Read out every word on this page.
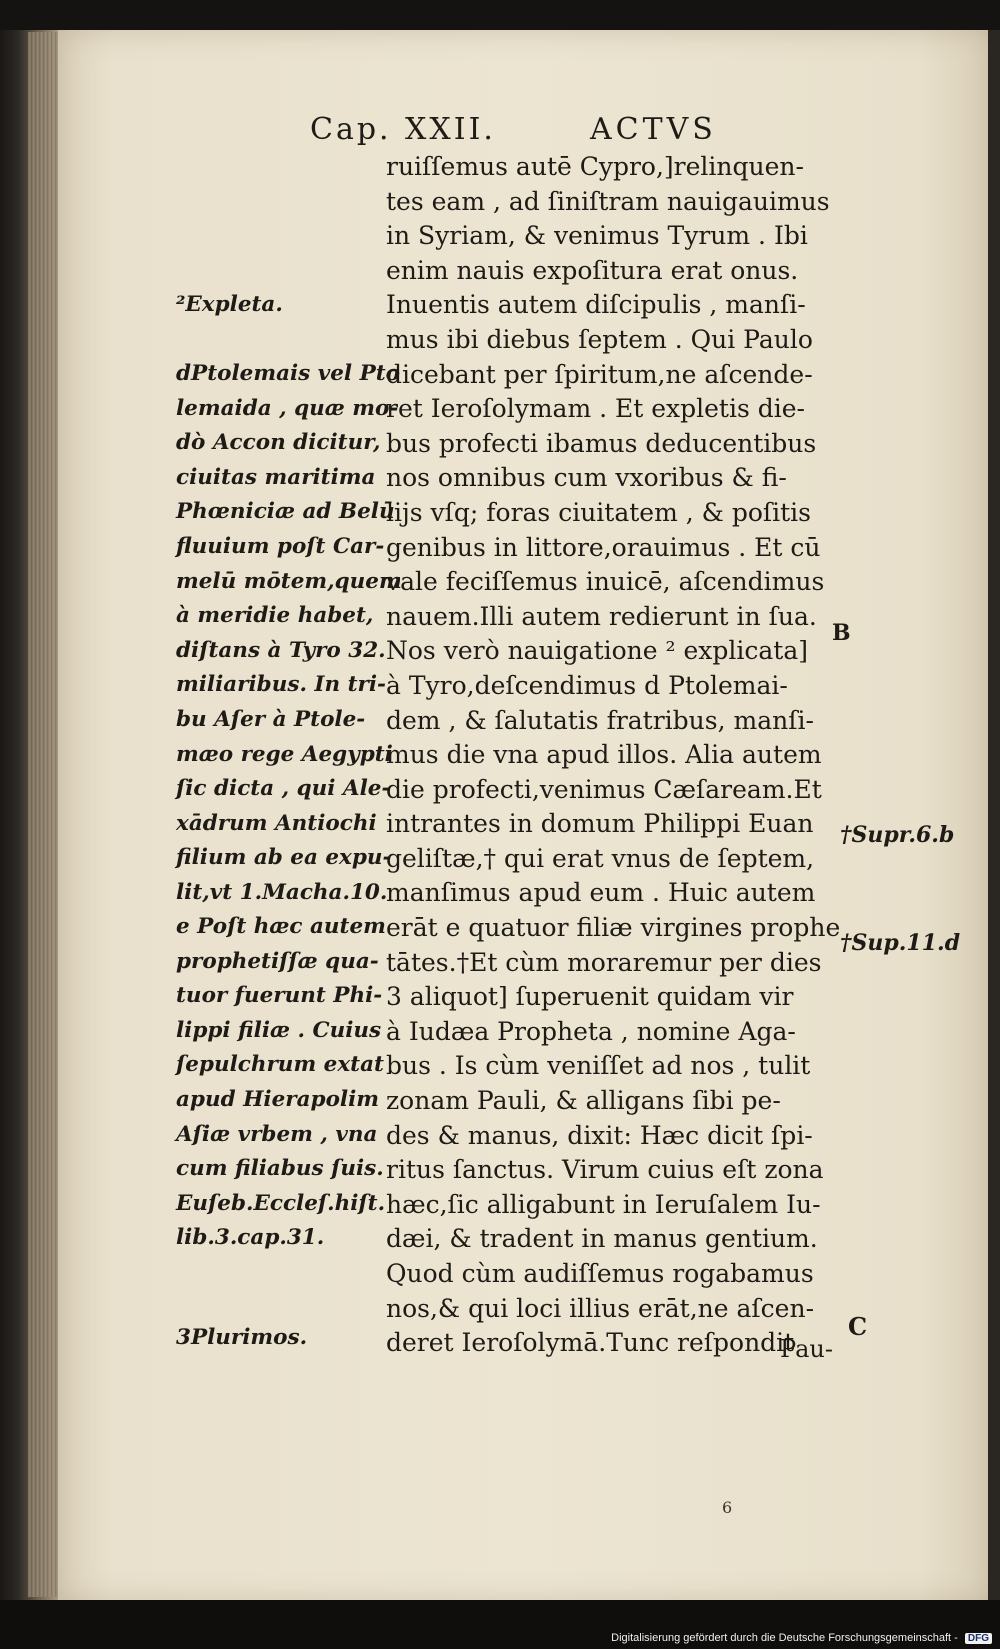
Cap. XXII.	ACTVS
ruiſſemus autē Cypro,]relinquen-
tes eam , ad ſiniſtram nauigauimus
in Syriam, & venimus Tyrum . Ibi
enim nauis expoſitura erat onus.
Inuentis autem diſcipulis , manſi-
mus ibi diebus ſeptem . Qui Paulo
dicebant per ſpiritum,ne aſcende-
ret Ieroſolymam . Et expletis die-
bus profecti ibamus deducentibus
nos omnibus cum vxoribus & fi-
lijs vſq; foras ciuitatem , & poſitis
genibus in littore,orauimus . Et cū
vale feciſſemus inuicē, aſcendimus
nauem.Illi autem redierunt in ſua.
Nos verò nauigatione ² explicata]
à Tyro,deſcendimus d Ptolemai-
dem , & ſalutatis fratribus, manſi-
mus die vna apud illos. Alia autem
die profecti,venimus Cæſaream.Et
intrantes in domum Philippi Euan
geliſtæ,† qui erat vnus de ſeptem,
manſimus apud eum . Huic autem
erāt e quatuor filiæ virgines prophe
tātes.†Et cùm moraremur per dies
3 aliquot] ſuperuenit quidam vir
à Iudæa Propheta , nomine Aga-
bus . Is cùm veniſſet ad nos , tulit
zonam Pauli, & alligans ſibi pe-
des & manus, dixit: Hæc dicit ſpi-
ritus ſanctus. Virum cuius eſt zona
hæc,ſic alligabunt in Ieruſalem Iu-
dæi, & tradent in manus gentium.
Quod cùm audiſſemus rogabamus
nos,& qui loci illius erāt,ne aſcen-
deret Ieroſolymā.Tunc reſpondit
²Expleta.
dPtolemais vel Pto
lemaida , quæ mo-
dò Accon dicitur,
ciuitas maritima
Phœniciæ ad Belū
fluuium poſt Car-
melū mōtem,quem
à meridie habet,
diſtans à Tyro 32.
miliaribus. In tri-
bu Aſer à Ptole-
mæo rege Aegypti
ſic dicta , qui Ale-
xādrum Antiochi
filium ab ea expu-
lit,vt 1.Macha.10.
e Poſt hæc autem
prophetiſſæ qua-
tuor fuerunt Phi-
lippi filiæ . Cuius
ſepulchrum extat
apud Hierapolim
Aſiæ vrbem , vna
cum filiabus ſuis.
Euſeb.Eccleſ.hiſt.
lib.3.cap.31.
3Plurimos.
B
†Supr.6.b
†Sup.11.d
C
Pau-
6
Digitalisierung gefördert durch die Deutsche Forschungsgemeinschaft - DFG
